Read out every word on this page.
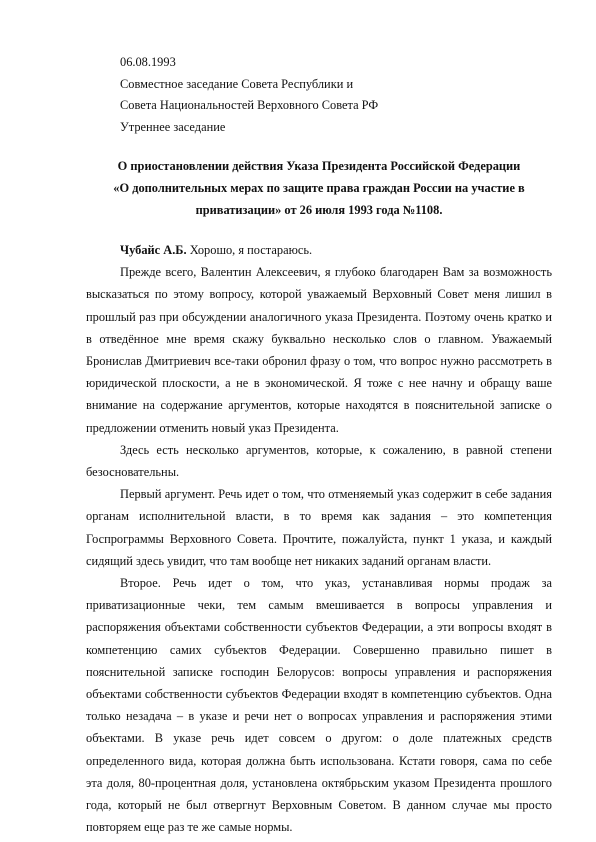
06.08.1993
Совместное заседание Совета Республики и
Совета Национальностей Верховного Совета РФ
Утреннее заседание
О приостановлении действия Указа Президента Российской Федерации
«О дополнительных мерах по защите права граждан России на участие в
приватизации» от 26 июля 1993 года №1108.

Чубайс А.Б. Хорошо, я постараюсь.

Прежде всего, Валентин Алексеевич, я глубоко благодарен Вам за возможность высказаться по этому вопросу, которой уважаемый Верховный Совет меня лишил в прошлый раз при обсуждении аналогичного указа Президента. Поэтому очень кратко и в отведённое мне время скажу буквально несколько слов о главном. Уважаемый Бронислав Дмитриевич все-таки обронил фразу о том, что вопрос нужно рассмотреть в юридической плоскости, а не в экономической. Я тоже с нее начну и обращу ваше внимание на содержание аргументов, которые находятся в пояснительной записке о предложении отменить новый указ Президента.

Здесь есть несколько аргументов, которые, к сожалению, в равной степени безосновательны.

Первый аргумент. Речь идет о том, что отменяемый указ содержит в себе задания органам исполнительной власти, в то время как задания – это компетенция Госпрограммы Верховного Совета. Прочтите, пожалуйста, пункт 1 указа, и каждый сидящий здесь увидит, что там вообще нет никаких заданий органам власти.

Второе. Речь идет о том, что указ, устанавливая нормы продаж за приватизационные чеки, тем самым вмешивается в вопросы управления и распоряжения объектами собственности субъектов Федерации, а эти вопросы входят в компетенцию самих субъектов Федерации. Совершенно правильно пишет в пояснительной записке господин Белорусов: вопросы управления и распоряжения объектами собственности субъектов Федерации входят в компетенцию субъектов. Одна только незадача – в указе и речи нет о вопросах управления и распоряжения этими объектами. В указе речь идет совсем о другом: о доле платежных средств определенного вида, которая должна быть использована. Кстати говоря, сама по себе эта доля, 80-процентная доля, установлена октябрьским указом Президента прошлого года, который не был отвергнут Верховным Советом. В данном случае мы просто повторяем еще раз те же самые нормы.
